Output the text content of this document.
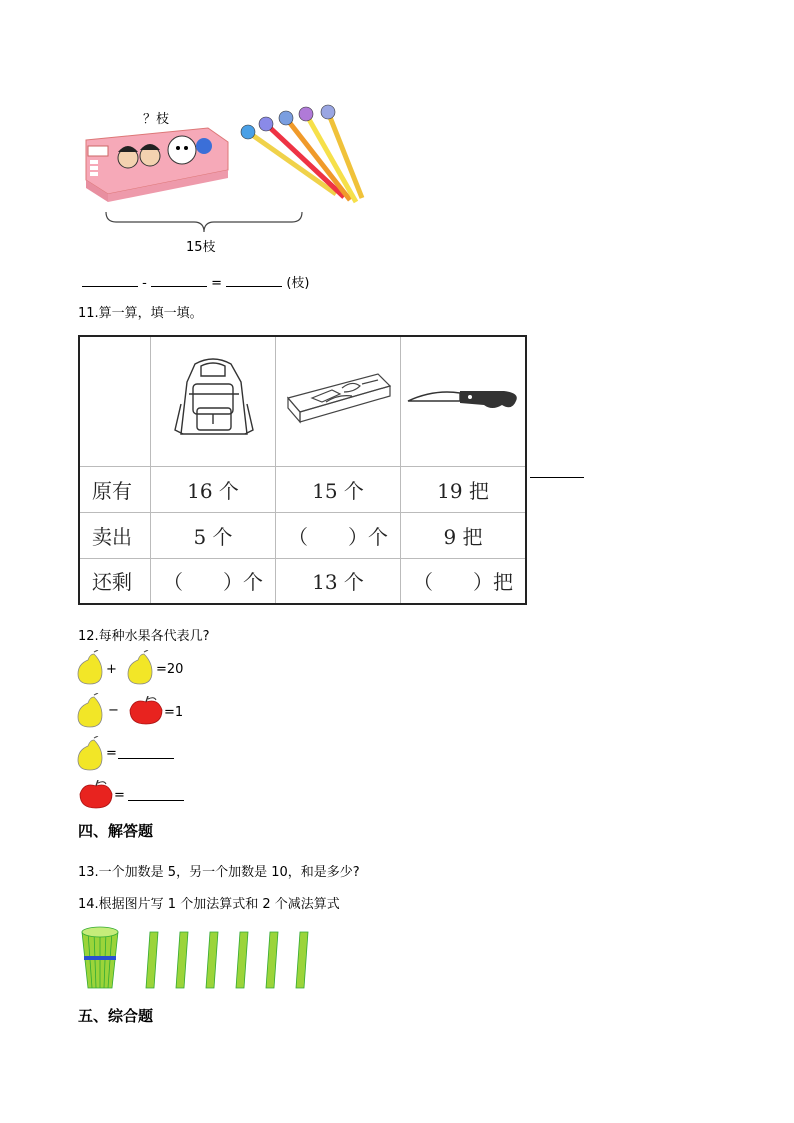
？枝
15枝
-	=	(枝)
11.算一算，填一填。

原有	16 个	15 个	19 把
卖出	5 个	（　　）个	9 把
还剩	（　　）个	13 个	（　　）把
12.每种水果各代表几?
+	=20
−	=1
=
=
四、解答题
13.一个加数是 5，另一个加数是 10，和是多少?
14.根据图片写 1 个加法算式和 2 个减法算式
五、综合题
